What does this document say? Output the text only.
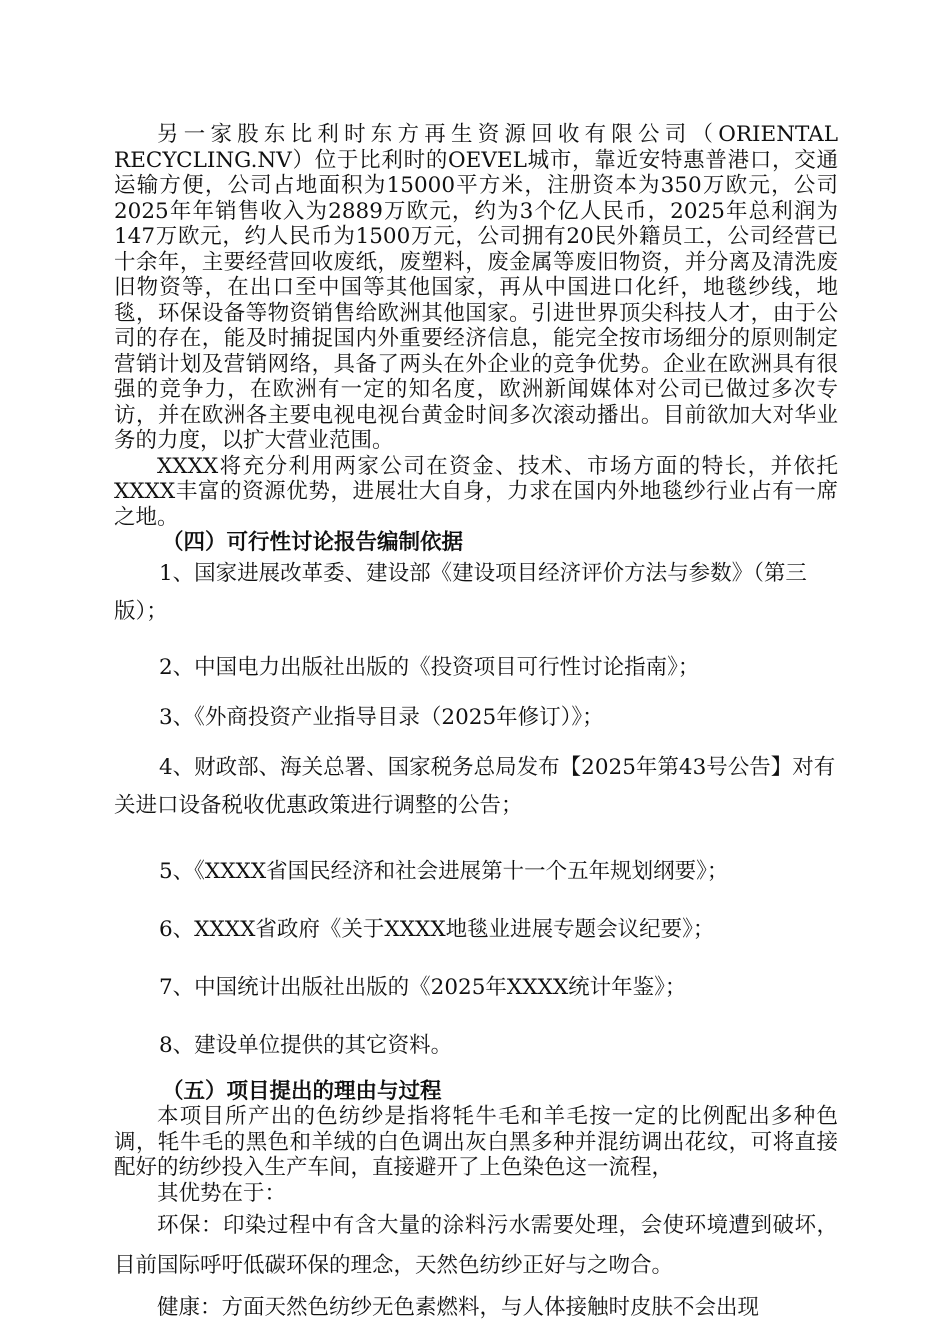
另一家股东比利时东方再生资源回收有限公司（ORIENTAL RECYCLING.NV）位于比利时的OEVEL城市，靠近安特惠普港口，交通运输方便，公司占地面积为15000平方米，注册资本为350万欧元，公司2025年年销售收入为2889万欧元，约为3个亿人民币，2025年总利润为147万欧元，约人民币为1500万元，公司拥有20民外籍员工，公司经营已十余年，主要经营回收废纸，废塑料，废金属等废旧物资，并分离及清洗废旧物资等，在出口至中国等其他国家，再从中国进口化纤，地毯纱线，地毯，环保设备等物资销售给欧洲其他国家。引进世界顶尖科技人才，由于公司的存在，能及时捕捉国内外重要经济信息，能完全按市场细分的原则制定营销计划及营销网络，具备了两头在外企业的竞争优势。企业在欧洲具有很强的竞争力，在欧洲有一定的知名度，欧洲新闻媒体对公司已做过多次专访，并在欧洲各主要电视电视台黄金时间多次滚动播出。目前欲加大对华业务的力度，以扩大营业范围。

XXXX将充分利用两家公司在资金、技术、市场方面的特长，并依托XXXX丰富的资源优势，进展壮大自身，力求在国内外地毯纱行业占有一席之地。

（四）可行性讨论报告编制依据

1、国家进展改革委、建设部《建设项目经济评价方法与参数》（第三版）；

2、中国电力出版社出版的《投资项目可行性讨论指南》；

3、《外商投资产业指导目录（2025年修订）》；

4、财政部、海关总署、国家税务总局发布【2025年第43号公告】对有关进口设备税收优惠政策进行调整的公告；

5、《XXXX省国民经济和社会进展第十一个五年规划纲要》；

6、XXXX省政府《关于XXXX地毯业进展专题会议纪要》；

7、中国统计出版社出版的《2025年XXXX统计年鉴》；

8、建设单位提供的其它资料。

（五）项目提出的理由与过程

本项目所产出的色纺纱是指将牦牛毛和羊毛按一定的比例配出多种色调，牦牛毛的黑色和羊绒的白色调出灰白黑多种并混纺调出花纹，可将直接配好的纺纱投入生产车间，直接避开了上色染色这一流程，

其优势在于：

环保：印染过程中有含大量的涂料污水需要处理，会使环境遭到破坏， 目前国际呼吁低碳环保的理念，天然色纺纱正好与之吻合。

健康：方面天然色纺纱无色素燃料，与人体接触时皮肤不会出现
